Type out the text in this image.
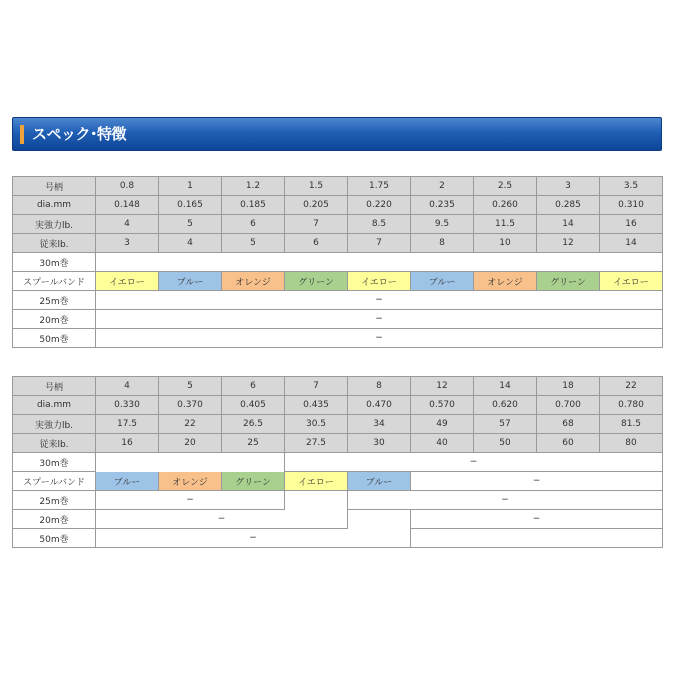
スペック･特徴
号柄	0.8	1	1.2	1.5	1.75	2	2.5	3	3.5
dia.mm	0.148	0.165	0.185	0.205	0.220	0.235	0.260	0.285	0.310
実強力lb.	4	5	6	7	8.5	9.5	11.5	14	16
従来lb.	3	4	5	6	7	8	10	12	14
30m巻									
スプールバンド	イエロー	ブルー	オレンジ	グリーン	イエロー	ブルー	オレンジ	グリーン	イエロー
25m巻	−								
20m巻	−								
50m巻	−								
号柄	4	5	6	7	8	12	14	18	22
dia.mm	0.330	0.370	0.405	0.435	0.470	0.570	0.620	0.700	0.780
実強力lb.	17.5	22	26.5	30.5	34	49	57	68	81.5
従来lb.	16	20	25	27.5	30	40	50	60	80
30m巻				−					
スプールバンド	ブルー	オレンジ	グリーン	イエロー	ブルー	−			
25m巻	−				−				
20m巻	−					−			
50m巻	−								
